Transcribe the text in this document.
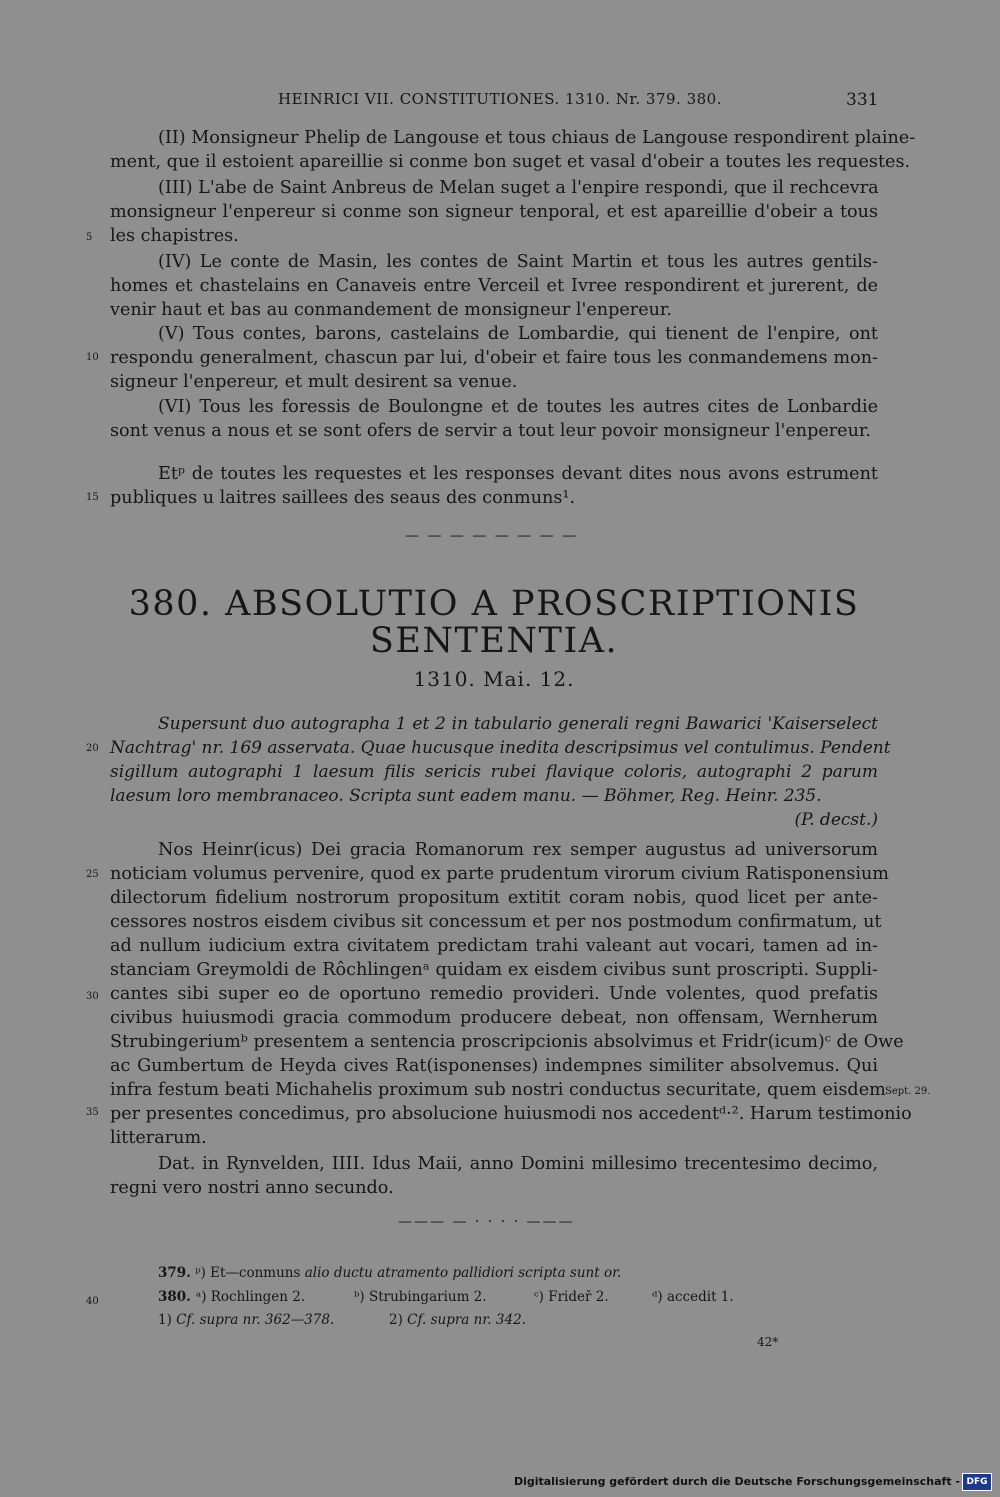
HEINRICI VII. CONSTITUTIONES. 1310. Nr. 379. 380.	331
(II) Monsigneur Phelip de Langouse et tous chiaus de Langouse respondirent plaine-
ment, que il estoient apareillie si conme bon suget et vasal d'obeir a toutes les requestes.
(III) L'abe de Saint Anbreus de Melan suget a l'enpire respondi, que il rechcevra
monsigneur l'enpereur si conme son signeur tenporal, et est apareillie d'obeir a tous
les chapistres.
(IV) Le conte de Masin, les contes de Saint Martin et tous les autres gentils-
homes et chastelains en Canaveis entre Verceil et Ivree respondirent et jurerent, de
venir haut et bas au conmandement de monsigneur l'enpereur.
(V) Tous contes, barons, castelains de Lombardie, qui tienent de l'enpire, ont
respondu generalment, chascun par lui, d'obeir et faire tous les conmandemens mon-
signeur l'enpereur, et mult desirent sa venue.
(VI) Tous les foressis de Boulongne et de toutes les autres cites de Lonbardie
sont venus a nous et se sont ofers de servir a tout leur povoir monsigneur l'enpereur.
Etᵖ de toutes les requestes et les responses devant dites nous avons estrument
publiques u laitres saillees des seaus des conmuns¹.
5
10
15
20
25
30
35
40
— — — — — — — —
380. ABSOLUTIO A PROSCRIPTIONIS
SENTENTIA.
1310. Mai. 12.
Supersunt duo autographa 1 et 2 in tabulario generali regni Bawarici 'Kaiserselect
Nachtrag' nr. 169 asservata. Quae hucusque inedita descripsimus vel contulimus. Pendent
sigillum autographi 1 laesum filis sericis rubei flavique coloris, autographi 2 parum
laesum loro membranaceo. Scripta sunt eadem manu. — Böhmer, Reg. Heinr. 235.
(P. decst.)
Nos Heinr(icus) Dei gracia Romanorum rex semper augustus ad universorum
noticiam volumus pervenire, quod ex parte prudentum virorum civium Ratisponensium
dilectorum fidelium nostrorum propositum extitit coram nobis, quod licet per ante-
cessores nostros eisdem civibus sit concessum et per nos postmodum confirmatum, ut
ad nullum iudicium extra civitatem predictam trahi valeant aut vocari, tamen ad in-
stanciam Greymoldi de Rôchlingenᵃ quidam ex eisdem civibus sunt proscripti. Suppli-
cantes sibi super eo de oportuno remedio provideri. Unde volentes, quod prefatis
civibus huiusmodi gracia commodum producere debeat, non offensam, Wernherum
Strubingeriumᵇ presentem a sentencia proscripcionis absolvimus et Fridr(icum)ᶜ de Owe
ac Gumbertum de Heyda cives Rat(isponenses) indempnes similiter absolvemus. Qui
infra festum beati Michahelis proximum sub nostri conductus securitate, quem eisdem
per presentes concedimus, pro absolucione huiusmodi nos accedentᵈ·². Harum testimonio
litterarum.
Sept. 29.
Dat. in Rynvelden, IIII. Idus Maii, anno Domini millesimo trecentesimo decimo,
regni vero nostri anno secundo.
——— — · · · · ———
379. ᵖ) Et—conmuns alio ductu atramento pallidiori scripta sunt or.
380. ᵃ) Rochlingen 2.	ᵇ) Strubingarium 2.	ᶜ) Frideř 2.	ᵈ) accedit 1.
1) Cf. supra nr. 362—378.	2) Cf. supra nr. 342.
42*
Digitalisierung gefördert durch die Deutsche Forschungsgemeinschaft - DFG
